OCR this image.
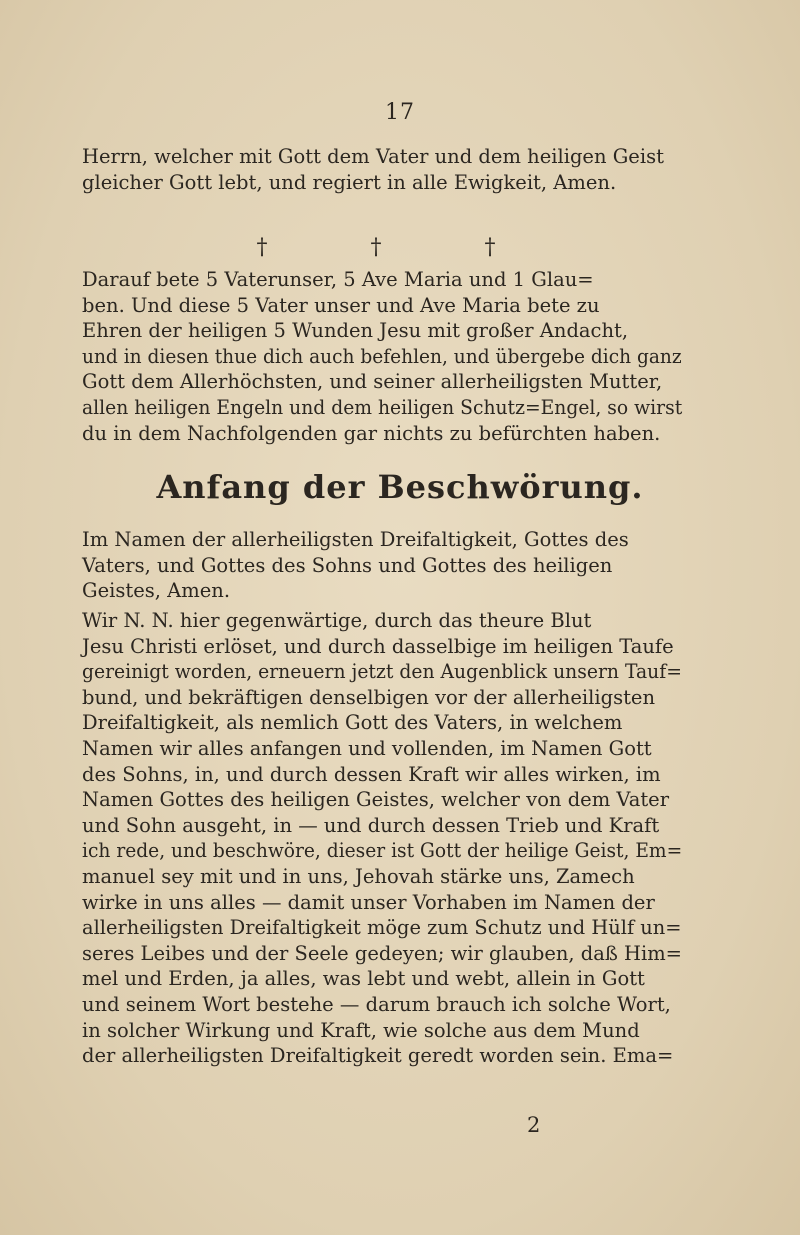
17
Herrn, welcher mit Gott dem Vater und dem heiligen Geist
gleicher Gott lebt, und regiert in alle Ewigkeit, Amen.
† † †
Darauf bete 5 Vaterunser, 5 Ave Maria und 1 Glau=
ben. Und diese 5 Vater unser und Ave Maria bete zu
Ehren der heiligen 5 Wunden Jesu mit großer Andacht,
und in diesen thue dich auch befehlen, und übergebe dich ganz
Gott dem Allerhöchsten, und seiner allerheiligsten Mutter,
allen heiligen Engeln und dem heiligen Schutz=Engel, so wirst
du in dem Nachfolgenden gar nichts zu befürchten haben.
Anfang der Beschwörung.
Im Namen der allerheiligsten Dreifaltigkeit, Gottes des
Vaters, und Gottes des Sohns und Gottes des heiligen
Geistes, Amen.
Wir N. N. hier gegenwärtige, durch das theure Blut
Jesu Christi erlöset, und durch dasselbige im heiligen Taufe
gereinigt worden, erneuern jetzt den Augenblick unsern Tauf=
bund, und bekräftigen denselbigen vor der allerheiligsten
Dreifaltigkeit, als nemlich Gott des Vaters, in welchem
Namen wir alles anfangen und vollenden, im Namen Gott
des Sohns, in, und durch dessen Kraft wir alles wirken, im
Namen Gottes des heiligen Geistes, welcher von dem Vater
und Sohn ausgeht, in — und durch dessen Trieb und Kraft
ich rede, und beschwöre, dieser ist Gott der heilige Geist, Em=
manuel sey mit und in uns, Jehovah stärke uns, Zamech
wirke in uns alles — damit unser Vorhaben im Namen der
allerheiligsten Dreifaltigkeit möge zum Schutz und Hülf un=
seres Leibes und der Seele gedeyen; wir glauben, daß Him=
mel und Erden, ja alles, was lebt und webt, allein in Gott
und seinem Wort bestehe — darum brauch ich solche Wort,
in solcher Wirkung und Kraft, wie solche aus dem Mund
der allerheiligsten Dreifaltigkeit geredt worden sein. Ema=
2
